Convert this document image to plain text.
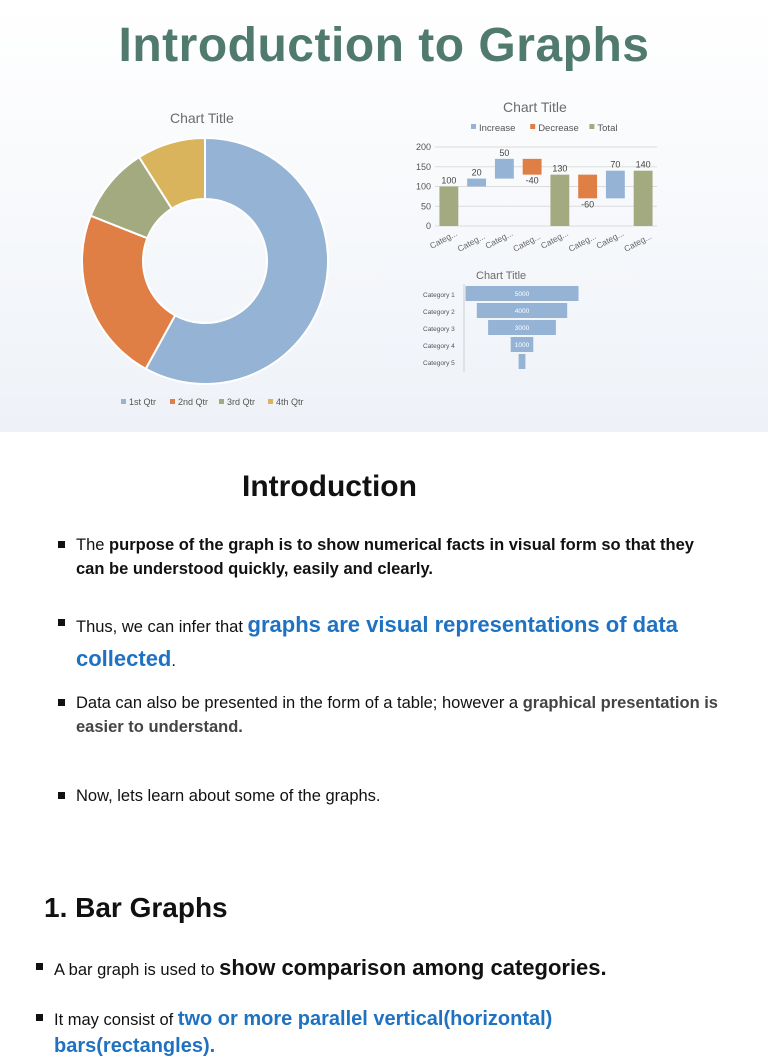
Introduction to Graphs
Chart Title
1st Qtr 2nd Qtr 3rd Qtr 4th Qtr
Chart Title
Increase Decrease Total
200
150
100
50
0
100
Categ...
20
Categ...
50
Categ...
-40
Categ...
130
Categ...
-60
Categ...
70
Categ...
140
Categ...
Chart Title
5000
Category 1
4000
Category 2
3000
Category 3
1000
Category 4
Category 5
Introduction
The purpose of the graph is to show numerical facts in visual form so that they can be understood quickly, easily and clearly.
Thus, we can infer that graphs are visual representations of data collected.
Data can also be presented in the form of a table; however a graphical presentation is easier to understand.
Now, lets learn about some of the graphs.
1. Bar Graphs
A bar graph is used to show comparison among categories.
It may consist of two or more parallel vertical(horizontal) bars(rectangles).
